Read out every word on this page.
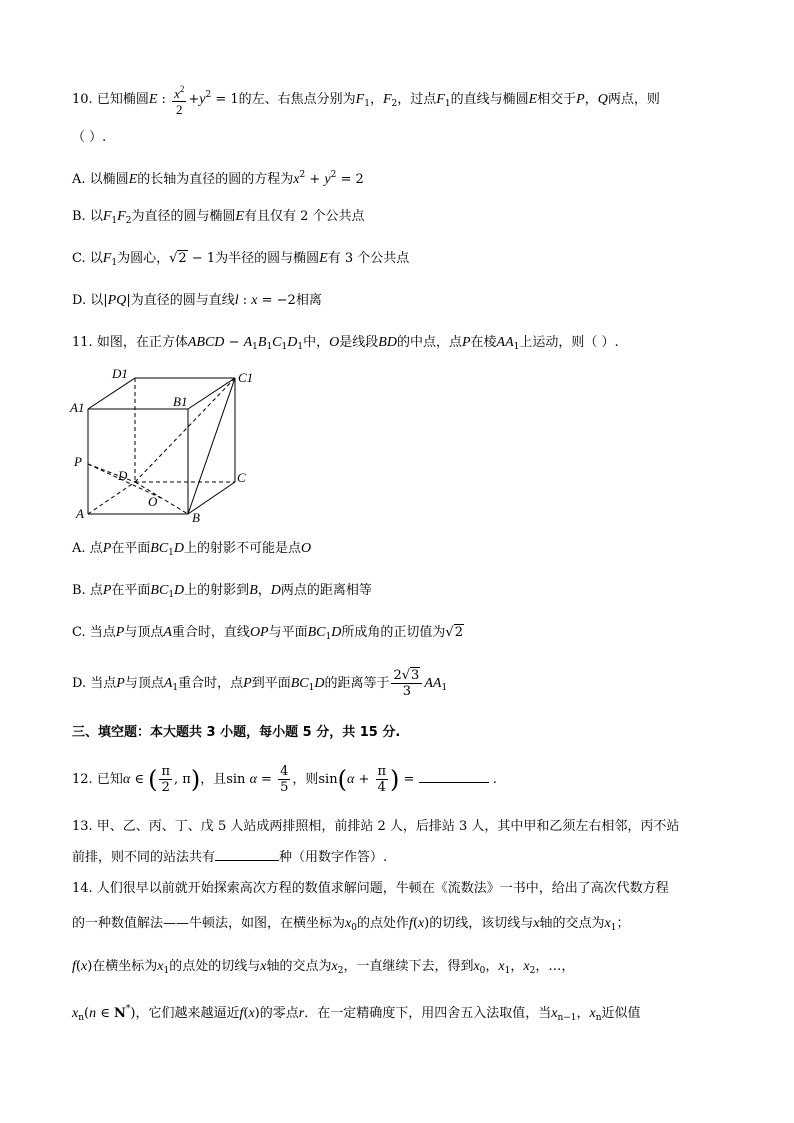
10. 已知椭圆E : $\frac{x^2}{2} +y^2 = 1$的左、右焦点分别为$F_1$，$F_2$，过点$F_1$的直线与椭圆E相交于P，Q两点，则
（ ）.
A. 以椭圆E的长轴为直径的圆的方程为$x^2 + y^2 = 2$
B. 以$F_1F_2$为直径的圆与椭圆E有且仅有 2 个公共点
C. 以$F_1$为圆心，√2 − 1为半径的圆与椭圆E有 3 个公共点
D. 以|PQ|为直径的圆与直线l : x = −2相离
11. 如图，在正方体ABCD − $A_1B_1C_1D_1$中，O是线段BD的中点，点P在棱$AA_1$上运动，则（ ）.
D1	C1
B1
A1
P
D	C
O
A	B
A. 点P在平面$BC_1D$上的射影不可能是点O
B. 点P在平面$BC_1D$上的射影到B，D两点的距离相等
C. 当点P与顶点A重合时，直线OP与平面$BC_1D$所成角的正切值为√2
D. 当点P与顶点$A_1$重合时，点P到平面$BC_1D$的距离等于 $\frac{2√3}{3} AA_1$
三、填空题：本大题共 3 小题，每小题 5 分，共 15 分.
12. 已知α ∈ ( $\frac{\pi}{2}$ , π)，且$\sin \alpha = \frac{4}{5}$ ，则$\sin(\alpha + \frac{\pi}{4}$ ) =	.
13. 甲、乙、丙、丁、戊 5 人站成两排照相，前排站 2 人，后排站 3 人，其中甲和乙须左右相邻，丙不站
前排，则不同的站法共有	种（用数字作答）.
14. 人们很早以前就开始探索高次方程的数值求解问题，牛顿在《流数法》一书中，给出了高次代数方程
的一种数值解法——牛顿法，如图，在横坐标为$x_0$的点处作f(x)的切线，该切线与x轴的交点为$x_1$；
f(x)在横坐标为$x_1$的点处的切线与x轴的交点为$x_2$，一直继续下去，得到$x_0$，$x_1$，$x_2$，…，
$x_n(n$ ∈ N*)，它们越来越逼近f(x)的零点r．在一定精确度下，用四舍五入法取值，当$x_{n-1}$，$x_n$近似值
